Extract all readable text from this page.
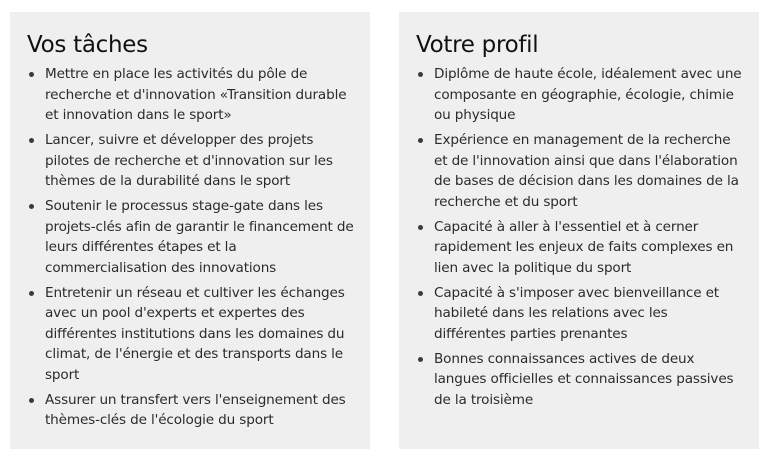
Vos tâches
Mettre en place les activités du pôle de recherche et d'innovation «Transition durable et innovation dans le sport»
Lancer, suivre et développer des projets pilotes de recherche et d'innovation sur les thèmes de la durabilité dans le sport
Soutenir le processus stage-gate dans les projets-clés afin de garantir le financement de leurs différentes étapes et la commercialisation des innovations
Entretenir un réseau et cultiver les échanges avec un pool d'experts et expertes des différentes institutions dans les domaines du climat, de l'énergie et des transports dans le sport
Assurer un transfert vers l'enseignement des thèmes-clés de l'écologie du sport
Votre profil
Diplôme de haute école, idéalement avec une composante en géographie, écologie, chimie ou physique
Expérience en management de la recherche et de l'innovation ainsi que dans l'élaboration de bases de décision dans les domaines de la recherche et du sport
Capacité à aller à l'essentiel et à cerner rapidement les enjeux de faits complexes en lien avec la politique du sport
Capacité à s'imposer avec bienveillance et habileté dans les relations avec les différentes parties prenantes
Bonnes connaissances actives de deux langues officielles et connaissances passives de la troisième
